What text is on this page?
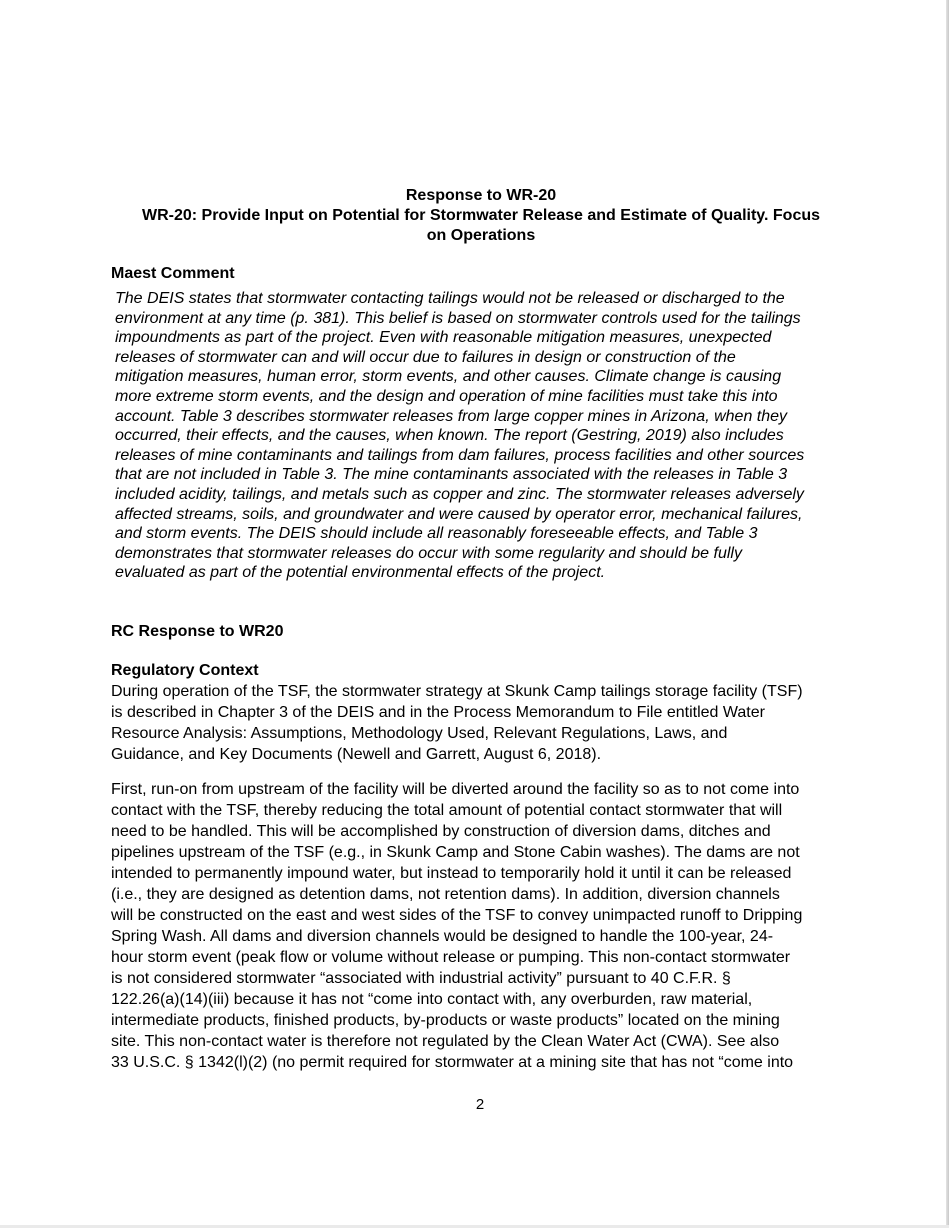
Response to WR-20
WR-20: Provide Input on Potential for Stormwater Release and Estimate of Quality. Focus
on Operations
Maest Comment
The DEIS states that stormwater contacting tailings would not be released or discharged to the
environment at any time (p. 381). This belief is based on stormwater controls used for the tailings
impoundments as part of the project. Even with reasonable mitigation measures, unexpected
releases of stormwater can and will occur due to failures in design or construction of the
mitigation measures, human error, storm events, and other causes. Climate change is causing
more extreme storm events, and the design and operation of mine facilities must take this into
account. Table 3 describes stormwater releases from large copper mines in Arizona, when they
occurred, their effects, and the causes, when known. The report (Gestring, 2019) also includes
releases of mine contaminants and tailings from dam failures, process facilities and other sources
that are not included in Table 3. The mine contaminants associated with the releases in Table 3
included acidity, tailings, and metals such as copper and zinc. The stormwater releases adversely
affected streams, soils, and groundwater and were caused by operator error, mechanical failures,
and storm events. The DEIS should include all reasonably foreseeable effects, and Table 3
demonstrates that stormwater releases do occur with some regularity and should be fully
evaluated as part of the potential environmental effects of the project.
RC Response to WR20
Regulatory Context
During operation of the TSF, the stormwater strategy at Skunk Camp tailings storage facility (TSF)
is described in Chapter 3 of the DEIS and in the Process Memorandum to File entitled Water
Resource Analysis: Assumptions, Methodology Used, Relevant Regulations, Laws, and
Guidance, and Key Documents (Newell and Garrett, August 6, 2018).
First, run-on from upstream of the facility will be diverted around the facility so as to not come into
contact with the TSF, thereby reducing the total amount of potential contact stormwater that will
need to be handled. This will be accomplished by construction of diversion dams, ditches and
pipelines upstream of the TSF (e.g., in Skunk Camp and Stone Cabin washes). The dams are not
intended to permanently impound water, but instead to temporarily hold it until it can be released
(i.e., they are designed as detention dams, not retention dams). In addition, diversion channels
will be constructed on the east and west sides of the TSF to convey unimpacted runoff to Dripping
Spring Wash. All dams and diversion channels would be designed to handle the 100-year, 24-
hour storm event (peak flow or volume without release or pumping. This non-contact stormwater
is not considered stormwater “associated with industrial activity” pursuant to 40 C.F.R. §
122.26(a)(14)(iii) because it has not “come into contact with, any overburden, raw material,
intermediate products, finished products, by-products or waste products” located on the mining
site. This non-contact water is therefore not regulated by the Clean Water Act (CWA). See also
33 U.S.C. § 1342(l)(2) (no permit required for stormwater at a mining site that has not “come into
2
